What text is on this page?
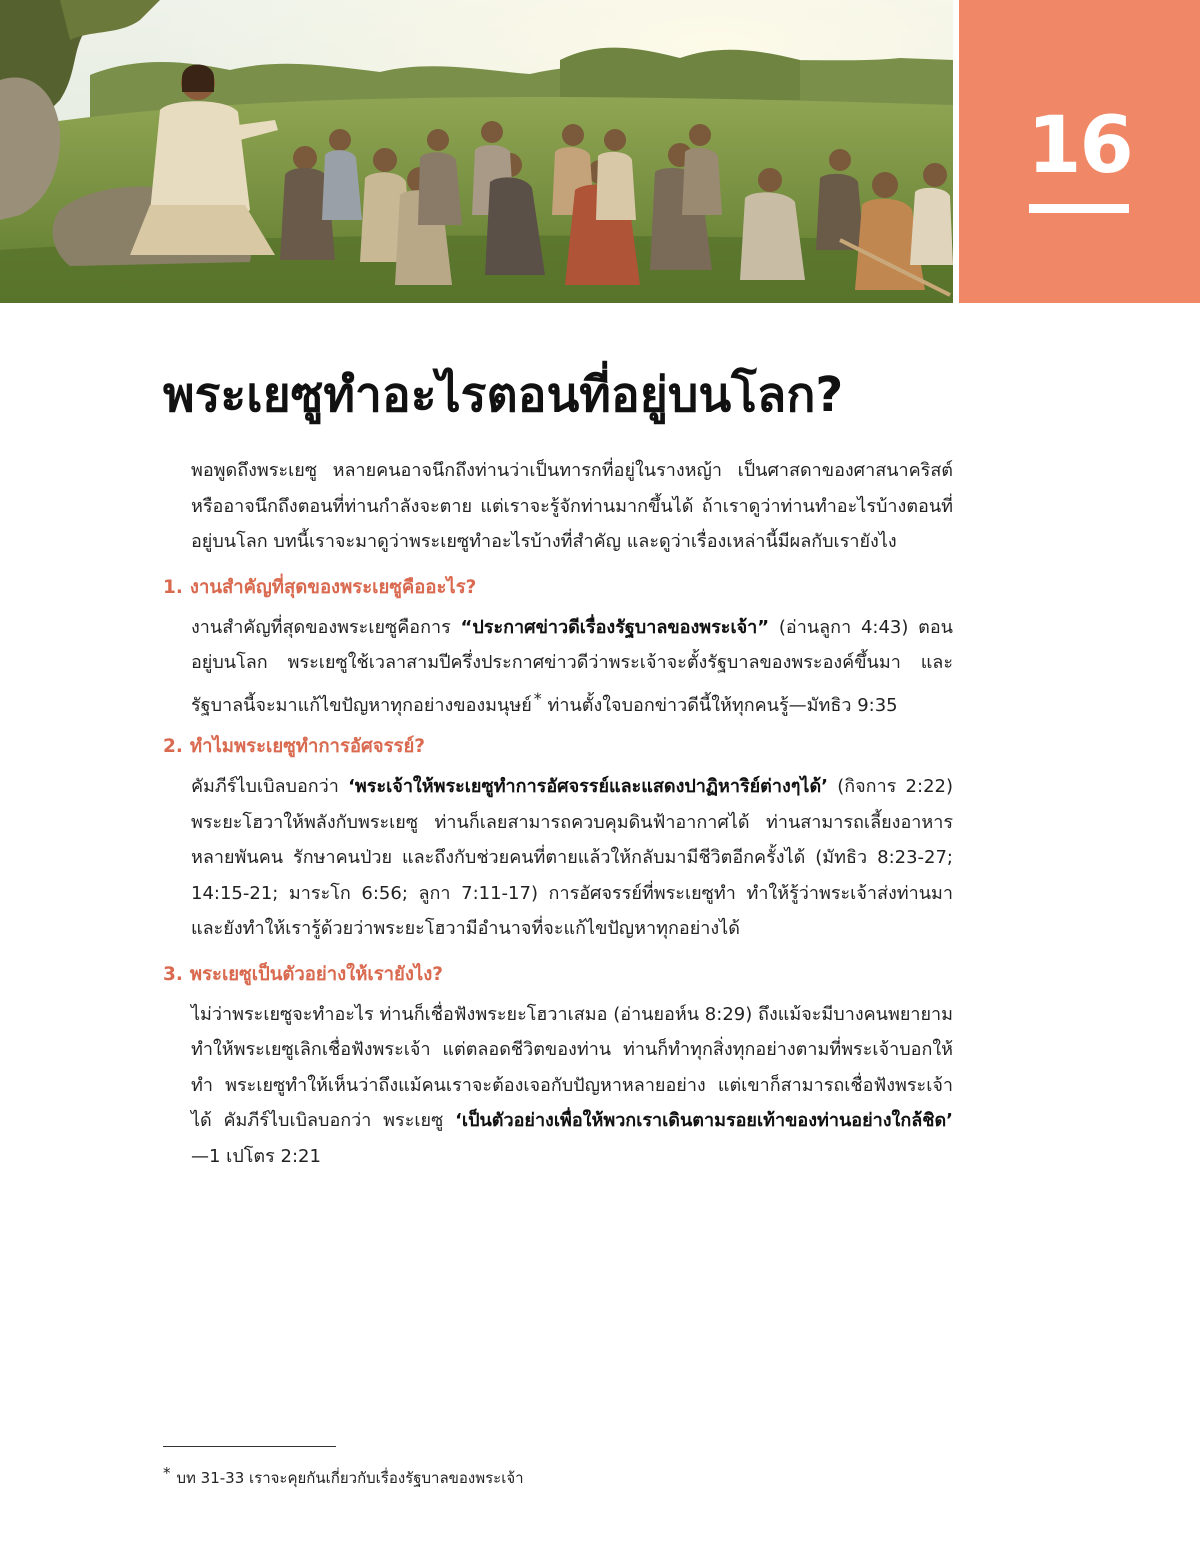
16
พระเยซูทำอะไรตอนที่อยู่บนโลก?

พอพูดถึงพระเยซู หลายคนอาจนึกถึงท่านว่าเป็นทารกที่อยู่ในรางหญ้า เป็นศาสดาของศาสนาคริสต์ หรืออาจนึกถึงตอนที่ท่านกำลังจะตาย แต่เราจะรู้จักท่านมากขึ้นได้ ถ้าเราดูว่าท่านทำอะไรบ้างตอนที่อยู่บนโลก บทนี้เราจะมาดูว่าพระเยซูทำอะไรบ้างที่สำคัญ และดูว่าเรื่องเหล่านี้มีผลกับเรายังไง

1. งานสำคัญที่สุดของพระเยซูคืออะไร?

งานสำคัญที่สุดของพระเยซูคือการ “ประกาศข่าวดีเรื่องรัฐบาลของพระเจ้า” (อ่านลูกา 4:43) ตอนอยู่บนโลก พระเยซูใช้เวลาสามปีครึ่งประกาศข่าวดีว่าพระเจ้าจะตั้งรัฐบาลของพระองค์ขึ้นมา และรัฐบาลนี้จะมาแก้ไขปัญหาทุกอย่างของมนุษย์ * ท่านตั้งใจบอกข่าวดีนี้ให้ทุกคนรู้—มัทธิว 9:35

2. ทำไมพระเยซูทำการอัศจรรย์?

คัมภีร์ไบเบิลบอกว่า ‘พระเจ้าให้พระเยซูทำการอัศจรรย์และแสดงปาฏิหาริย์ต่างๆได้’ (กิจการ 2:22) พระยะโฮวาให้พลังกับพระเยซู ท่านก็เลยสามารถควบคุมดินฟ้าอากาศได้ ท่านสามารถเลี้ยงอาหารหลายพันคน รักษาคนป่วย และถึงกับช่วยคนที่ตายแล้วให้กลับมามีชีวิตอีกครั้งได้ (มัทธิว 8:23-27; 14:15-21; มาระโก 6:56; ลูกา 7:11-17) การอัศจรรย์ที่พระเยซูทำ ทำให้รู้ว่าพระเจ้าส่งท่านมา และยังทำให้เรารู้ด้วยว่าพระยะโฮวามีอำนาจที่จะแก้ไขปัญหาทุกอย่างได้

3. พระเยซูเป็นตัวอย่างให้เรายังไง?

ไม่ว่าพระเยซูจะทำอะไร ท่านก็เชื่อฟังพระยะโฮวาเสมอ (อ่านยอห์น 8:29) ถึงแม้จะมีบางคนพยายามทำให้พระเยซูเลิกเชื่อฟังพระเจ้า แต่ตลอดชีวิตของท่าน ท่านก็ทำทุกสิ่งทุกอย่างตามที่พระเจ้าบอกให้ทำ พระเยซูทำให้เห็นว่าถึงแม้คนเราจะต้องเจอกับปัญหาหลายอย่าง แต่เขาก็สามารถเชื่อฟังพระเจ้าได้ คัมภีร์ไบเบิลบอกว่า พระเยซู ‘เป็นตัวอย่างเพื่อให้พวกเราเดินตามรอยเท้าของท่านอย่างใกล้ชิด’ —1 เปโตร 2:21

* บท 31-33 เราจะคุยกันเกี่ยวกับเรื่องรัฐบาลของพระเจ้า
